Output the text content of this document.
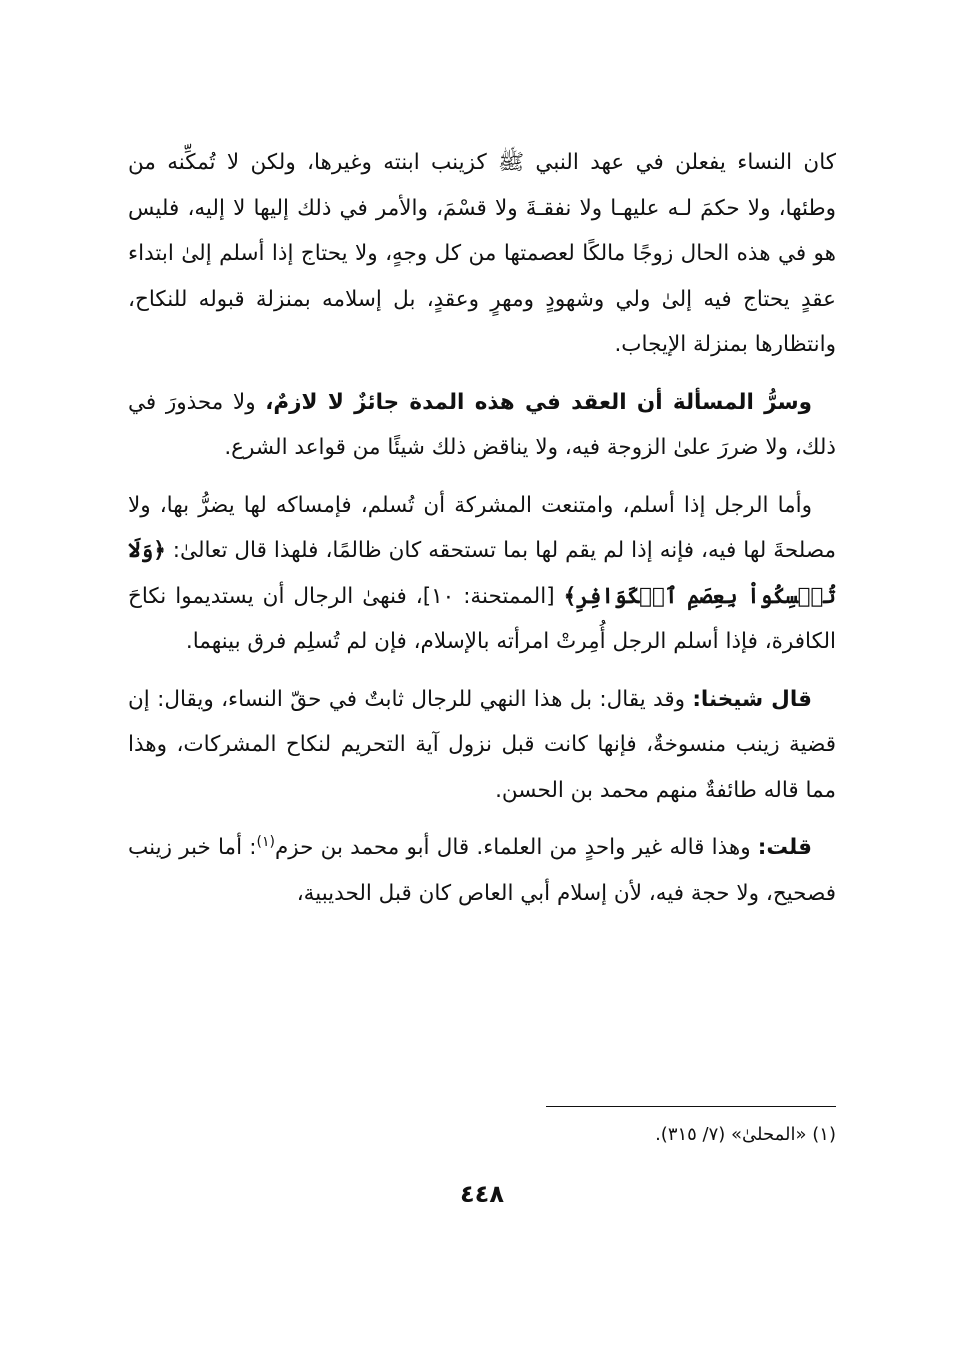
كان النساء يفعلن في عهد النبي ﷺ كزينب ابنته وغيرها، ولكن لا تُمكِّنه من وطئها، ولا حكمَ لـه عليهـا ولا نفقـةَ ولا قسْمَ، والأمر في ذلك إليها لا إليه، فليس هو في هذه الحال زوجًا مالكًا لعصمتها من كل وجهٍ، ولا يحتاج إذا أسلم إلىٰ ابتداء عقدٍ يحتاج فيه إلىٰ ولي وشهودٍ ومهرٍ وعقدٍ، بل إسلامه بمنزلة قبوله للنكاح، وانتظارها بمنزلة الإيجاب.

وسرُّ المسألة أن العقد في هذه المدة جائزٌ لا لازمٌ، ولا محذورَ في ذلك، ولا ضررَ علىٰ الزوجة فيه، ولا يناقض ذلك شيئًا من قواعد الشرع.

وأما الرجل إذا أسلم، وامتنعت المشركة أن تُسلم، فإمساكه لها يضرُّ بها، ولا مصلحةَ لها فيه، فإنه إذا لم يقم لها بما تستحقه كان ظالمًا، فلهذا قال تعالىٰ: ﴿وَلَا تُمۡسِكُواْ بِعِصَمِ ٱلۡكَوَافِرِ﴾ [الممتحنة: ١٠]، فنهىٰ الرجال أن يستديموا نكاحَ الكافرة، فإذا أسلم الرجل أُمِرتْ امرأته بالإسلام، فإن لم تُسلِم فرق بينهما.

قال شيخنا: وقد يقال: بل هذا النهي للرجال ثابتٌ في حقّ النساء، ويقال: إن قضية زينب منسوخةٌ، فإنها كانت قبل نزول آية التحريم لنكاح المشركات، وهذا مما قاله طائفةٌ منهم محمد بن الحسن.

قلت: وهذا قاله غير واحدٍ من العلماء. قال أبو محمد بن حزم$^{(١)}$: أما خبر زينب فصحيح، ولا حجة فيه، لأن إسلام أبي العاص كان قبل الحديبية،

(١) «المحلىٰ» (٧/ ٣١٥).
٤٤٨
